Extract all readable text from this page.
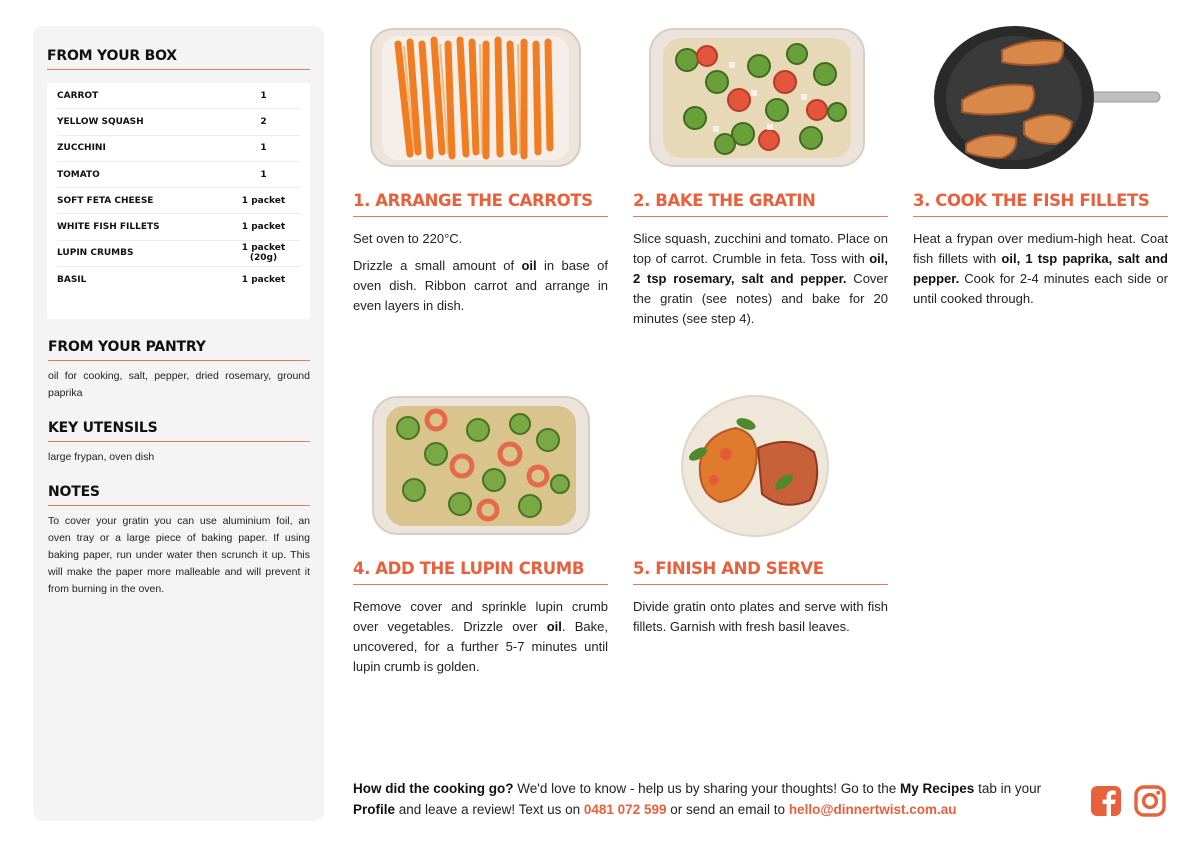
FROM YOUR BOX
CARROT	1
YELLOW SQUASH	2
ZUCCHINI	1
TOMATO	1
SOFT FETA CHEESE	1 packet
WHITE FISH FILLETS	1 packet
LUPIN CRUMBS	1 packet (20g)
BASIL	1 packet
FROM YOUR PANTRY
oil for cooking, salt, pepper, dried rosemary, ground paprika
KEY UTENSILS
large frypan, oven dish
NOTES
To cover your gratin you can use aluminium foil, an oven tray or a large piece of baking paper. If using baking paper, run under water then scrunch it up. This will make the paper more malleable and will prevent it from burning in the oven.
1. ARRANGE THE CARROTS

Set oven to 220°C.

Drizzle a small amount of oil in base of oven dish. Ribbon carrot and arrange in even layers in dish.

2. BAKE THE GRATIN

Slice squash, zucchini and tomato. Place on top of carrot. Crumble in feta. Toss with oil, 2 tsp rosemary, salt and pepper. Cover the gratin (see notes) and bake for 20 minutes (see step 4).

3. COOK THE FISH FILLETS

Heat a frypan over medium-high heat. Coat fish fillets with oil, 1 tsp paprika, salt and pepper. Cook for 2-4 minutes each side or until cooked through.

4. ADD THE LUPIN CRUMB

Remove cover and sprinkle lupin crumb over vegetables. Drizzle over oil. Bake, uncovered, for a further 5-7 minutes until lupin crumb is golden.

5. FINISH AND SERVE

Divide gratin onto plates and serve with fish fillets. Garnish with fresh basil leaves.

How did the cooking go? We'd love to know - help us by sharing your thoughts! Go to the My Recipes tab in your Profile and leave a review! Text us on 0481 072 599 or send an email to hello@dinnertwist.com.au
